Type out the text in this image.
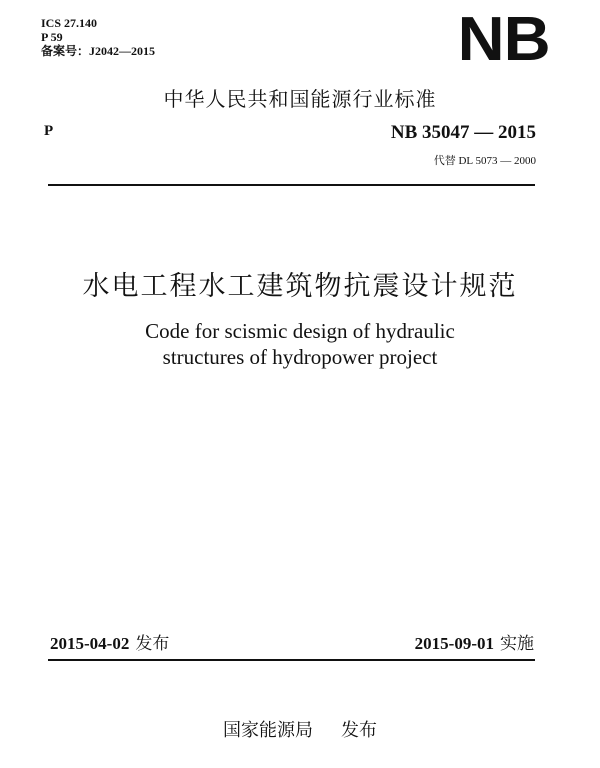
ICS 27.140
P 59
备案号：J2042—2015	NB
中华人民共和国能源行业标准
P	NB 35047 — 2015
代替 DL 5073 — 2000
水电工程水工建筑物抗震设计规范
Code for scismic design of hydraulic
structures of hydropower project
2015-04-02 发布	2015-09-01 实施
国家能源局 发布
